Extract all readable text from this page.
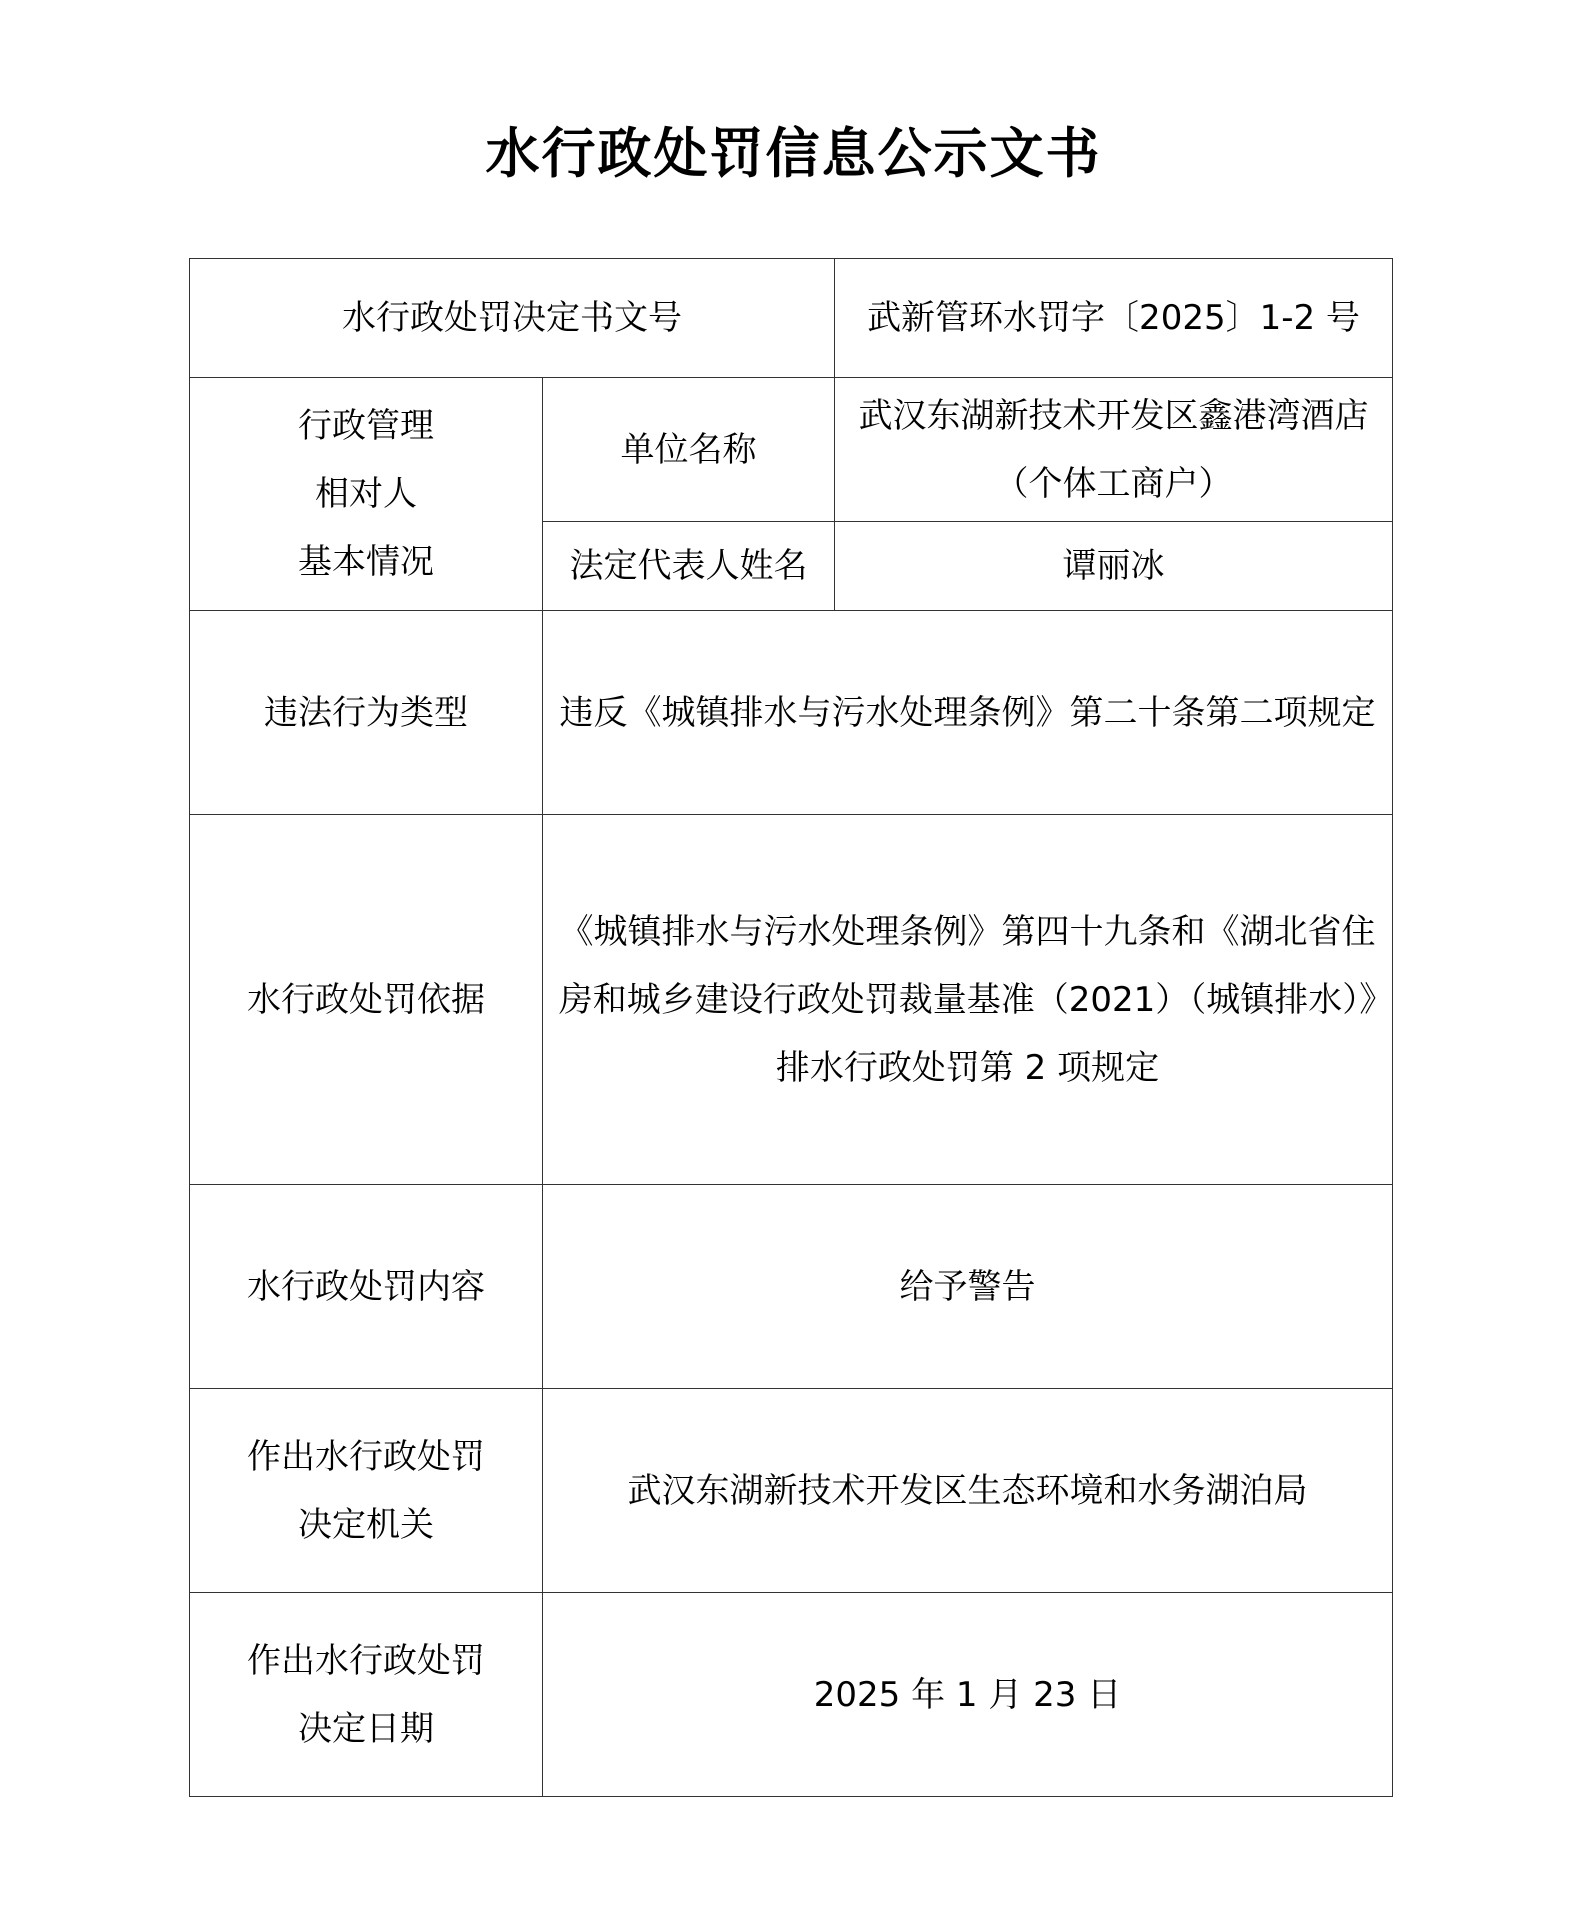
水行政处罚信息公示文书
水行政处罚决定书文号		武新管环水罚字〔2025〕1-2 号
行政管理
相对人
基本情况	单位名称	武汉东湖新技术开发区鑫港湾酒店（个体工商户）
	法定代表人姓名	谭丽冰
违法行为类型	违反《城镇排水与污水处理条例》第二十条第二项规定	
水行政处罚依据	《城镇排水与污水处理条例》第四十九条和《湖北省住房和城乡建设行政处罚裁量基准（2021）（城镇排水）》排水行政处罚第 2 项规定	
水行政处罚内容	给予警告	
作出水行政处罚
决定机关	武汉东湖新技术开发区生态环境和水务湖泊局	
作出水行政处罚
决定日期	2025 年 1 月 23 日	
